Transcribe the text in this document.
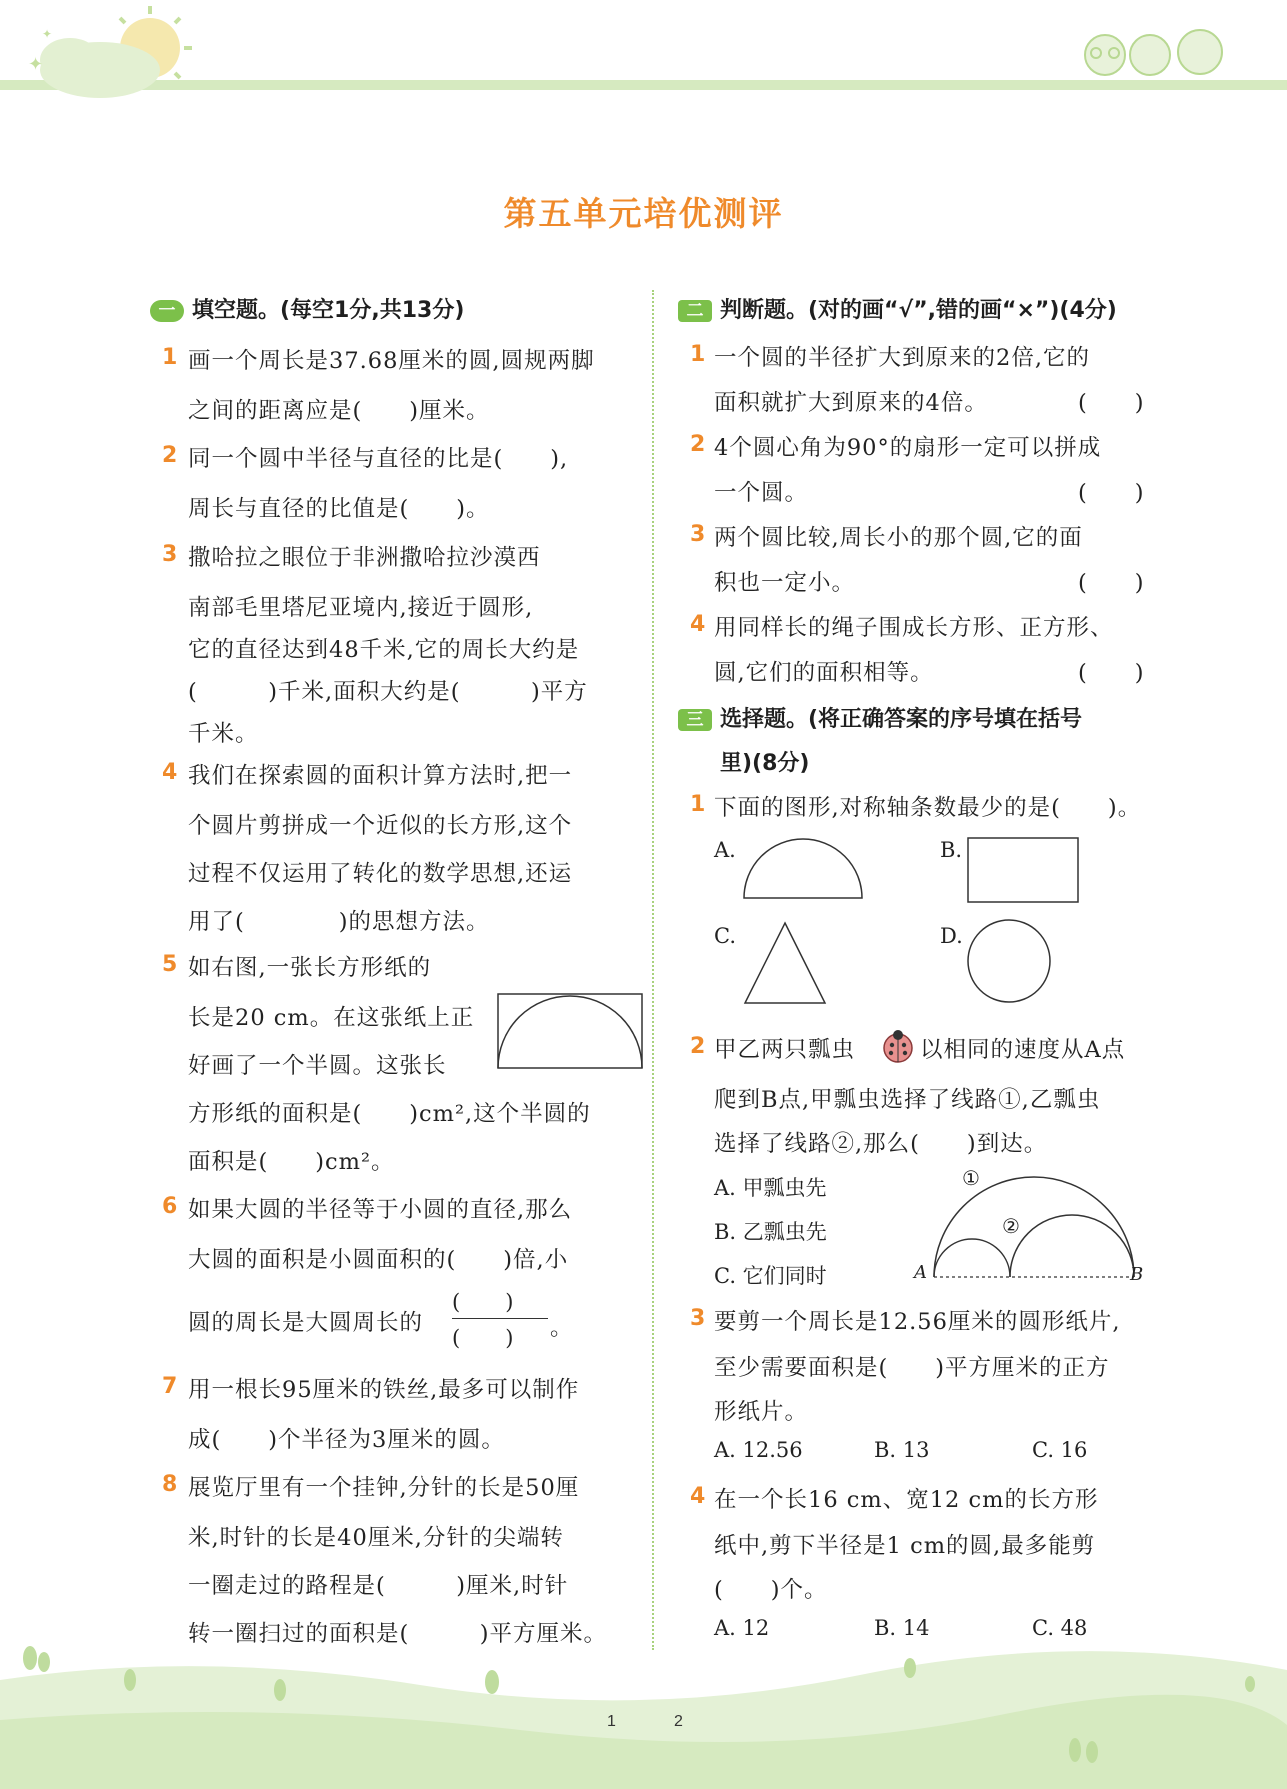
✦
✦
第五单元培优测评
一 填空题。(每空1分,共13分)
1 画一个周长是37.68厘米的圆,圆规两脚
之间的距离应是(　　)厘米。
2 同一个圆中半径与直径的比是(　　),
周长与直径的比值是(　　)。
3 撒哈拉之眼位于非洲撒哈拉沙漠西
南部毛里塔尼亚境内,接近于圆形,
它的直径达到48千米,它的周长大约是
(　　　)千米,面积大约是(　　　)平方
千米。
4 我们在探索圆的面积计算方法时,把一
个圆片剪拼成一个近似的长方形,这个
过程不仅运用了转化的数学思想,还运
用了(　　　　)的思想方法。
5 如右图,一张长方形纸的
长是20 cm。在这张纸上正
好画了一个半圆。这张长
方形纸的面积是(　　)cm²,这个半圆的
面积是(　　)cm²。
6 如果大圆的半径等于小圆的直径,那么
大圆的面积是小圆面积的(　　)倍,小
圆的周长是大圆周长的
(　　)
(　　) 。
7 用一根长95厘米的铁丝,最多可以制作
成(　　)个半径为3厘米的圆。
8 展览厅里有一个挂钟,分针的长是50厘
米,时针的长是40厘米,分针的尖端转
一圈走过的路程是(　　　)厘米,时针
转一圈扫过的面积是(　　　)平方厘米。
二 判断题。(对的画“√”,错的画“×”)(4分)
1 一个圆的半径扩大到原来的2倍,它的
面积就扩大到原来的4倍。	(　　)
2 4个圆心角为90°的扇形一定可以拼成
一个圆。	(　　)
3 两个圆比较,周长小的那个圆,它的面
积也一定小。	(　　)
4 用同样长的绳子围成长方形、正方形、
圆,它们的面积相等。	(　　)
三 选择题。(将正确答案的序号填在括号
里)(8分)
1 下面的图形,对称轴条数最少的是(　　)。
A.	B.
C.	D.
2 甲乙两只瓢虫	以相同的速度从A点
爬到B点,甲瓢虫选择了线路①,乙瓢虫
选择了线路②,那么(　　)到达。
A. 甲瓢虫先
B. 乙瓢虫先
C. 它们同时
①
②
A	B
3 要剪一个周长是12.56厘米的圆形纸片,
至少需要面积是(　　)平方厘米的正方
形纸片。
A. 12.56	B. 13	C. 16
4 在一个长16 cm、宽12 cm的长方形
纸中,剪下半径是1 cm的圆,最多能剪
(　　)个。
A. 12	B. 14	C. 48
1	2
